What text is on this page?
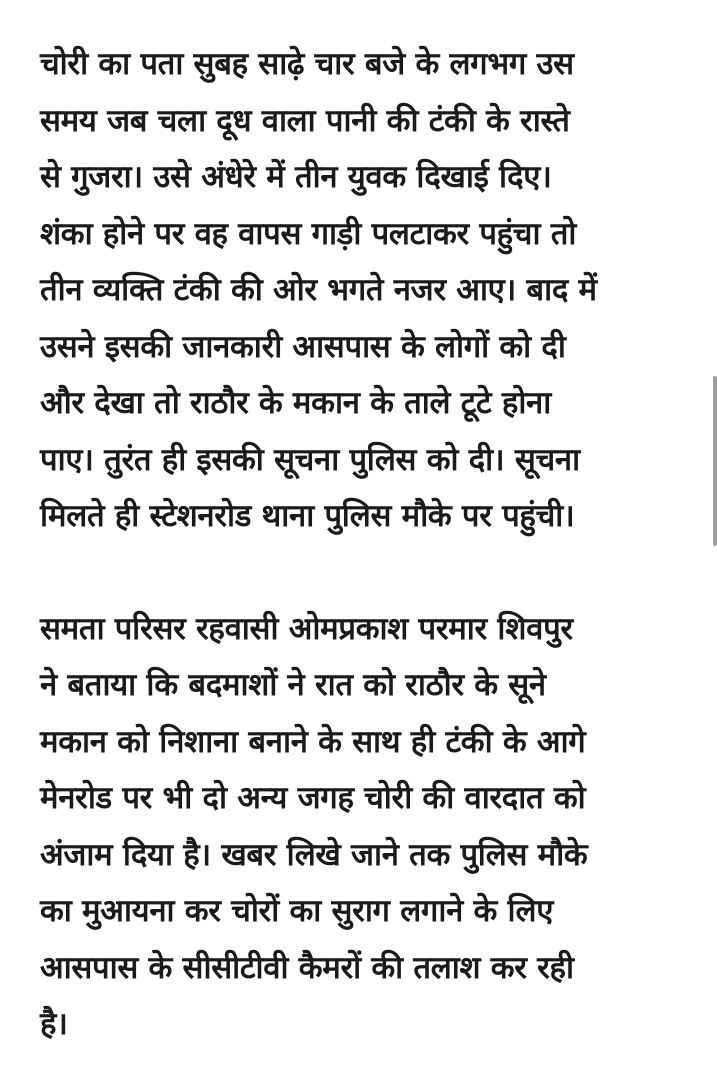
चोरी का पता सुबह साढ़े चार बजे के लगभग उस
समय जब चला दूध वाला पानी की टंकी के रास्ते
से गुजरा। उसे अंधेरे में तीन युवक दिखाई दिए।
शंका होने पर वह वापस गाड़ी पलटाकर पहुंचा तो
तीन व्यक्ति टंकी की ओर भगते नजर आए। बाद में
उसने इसकी जानकारी आसपास के लोगों को दी
और देखा तो राठौर के मकान के ताले टूटे होना
पाए। तुरंत ही इसकी सूचना पुलिस को दी। सूचना
मिलते ही स्टेशनरोड थाना पुलिस मौके पर पहुंची।

समता परिसर रहवासी ओमप्रकाश परमार शिवपुर
ने बताया कि बदमाशों ने रात को राठौर के सूने
मकान को निशाना बनाने के साथ ही टंकी के आगे
मेनरोड पर भी दो अन्य जगह चोरी की वारदात को
अंजाम दिया है। खबर लिखे जाने तक पुलिस मौके
का मुआयना कर चोरों का सुराग लगाने के लिए
आसपास के सीसीटीवी कैमरों की तलाश कर रही
है।
